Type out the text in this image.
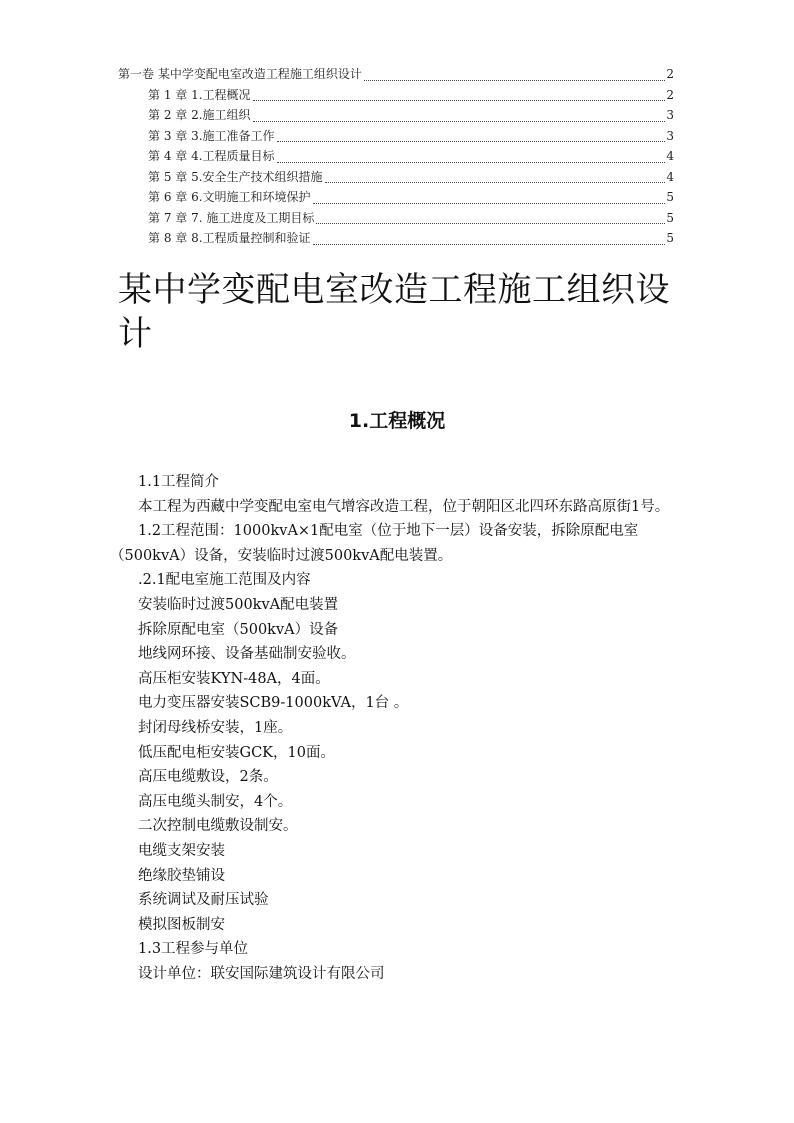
第一卷 某中学变配电室改造工程施工组织设计	2
第 1 章 1.工程概况	2
第 2 章 2.施工组织	3
第 3 章 3.施工准备工作	3
第 4 章 4.工程质量目标	4
第 5 章 5.安全生产技术组织措施	4
第 6 章 6.文明施工和环境保护	5
第 7 章 7. 施工进度及工期目标	5
第 8 章 8.工程质量控制和验证	5
某中学变配电室改造工程施工组织设计
1.工程概况

1.1工程简介

本工程为西藏中学变配电室电气增容改造工程，位于朝阳区北四环东路高原街1号。

1.2工程范围：1000kvA×1配电室（位于地下一层）设备安装，拆除原配电室（500kvA）设备，安装临时过渡500kvA配电装置。

.2.1配电室施工范围及内容

安装临时过渡500kvA配电装置

拆除原配电室（500kvA）设备

地线网环接、设备基础制安验收。

高压柜安装KYN-48A，4面。

电力变压器安装SCB9-1000kVA，1台 。

封闭母线桥安装，1座。

低压配电柜安装GCK，10面。

高压电缆敷设，2条。

高压电缆头制安，4个。

二次控制电缆敷设制安。

电缆支架安装

绝缘胶垫铺设

系统调试及耐压试验

模拟图板制安

1.3工程参与单位

设计单位：联安国际建筑设计有限公司
